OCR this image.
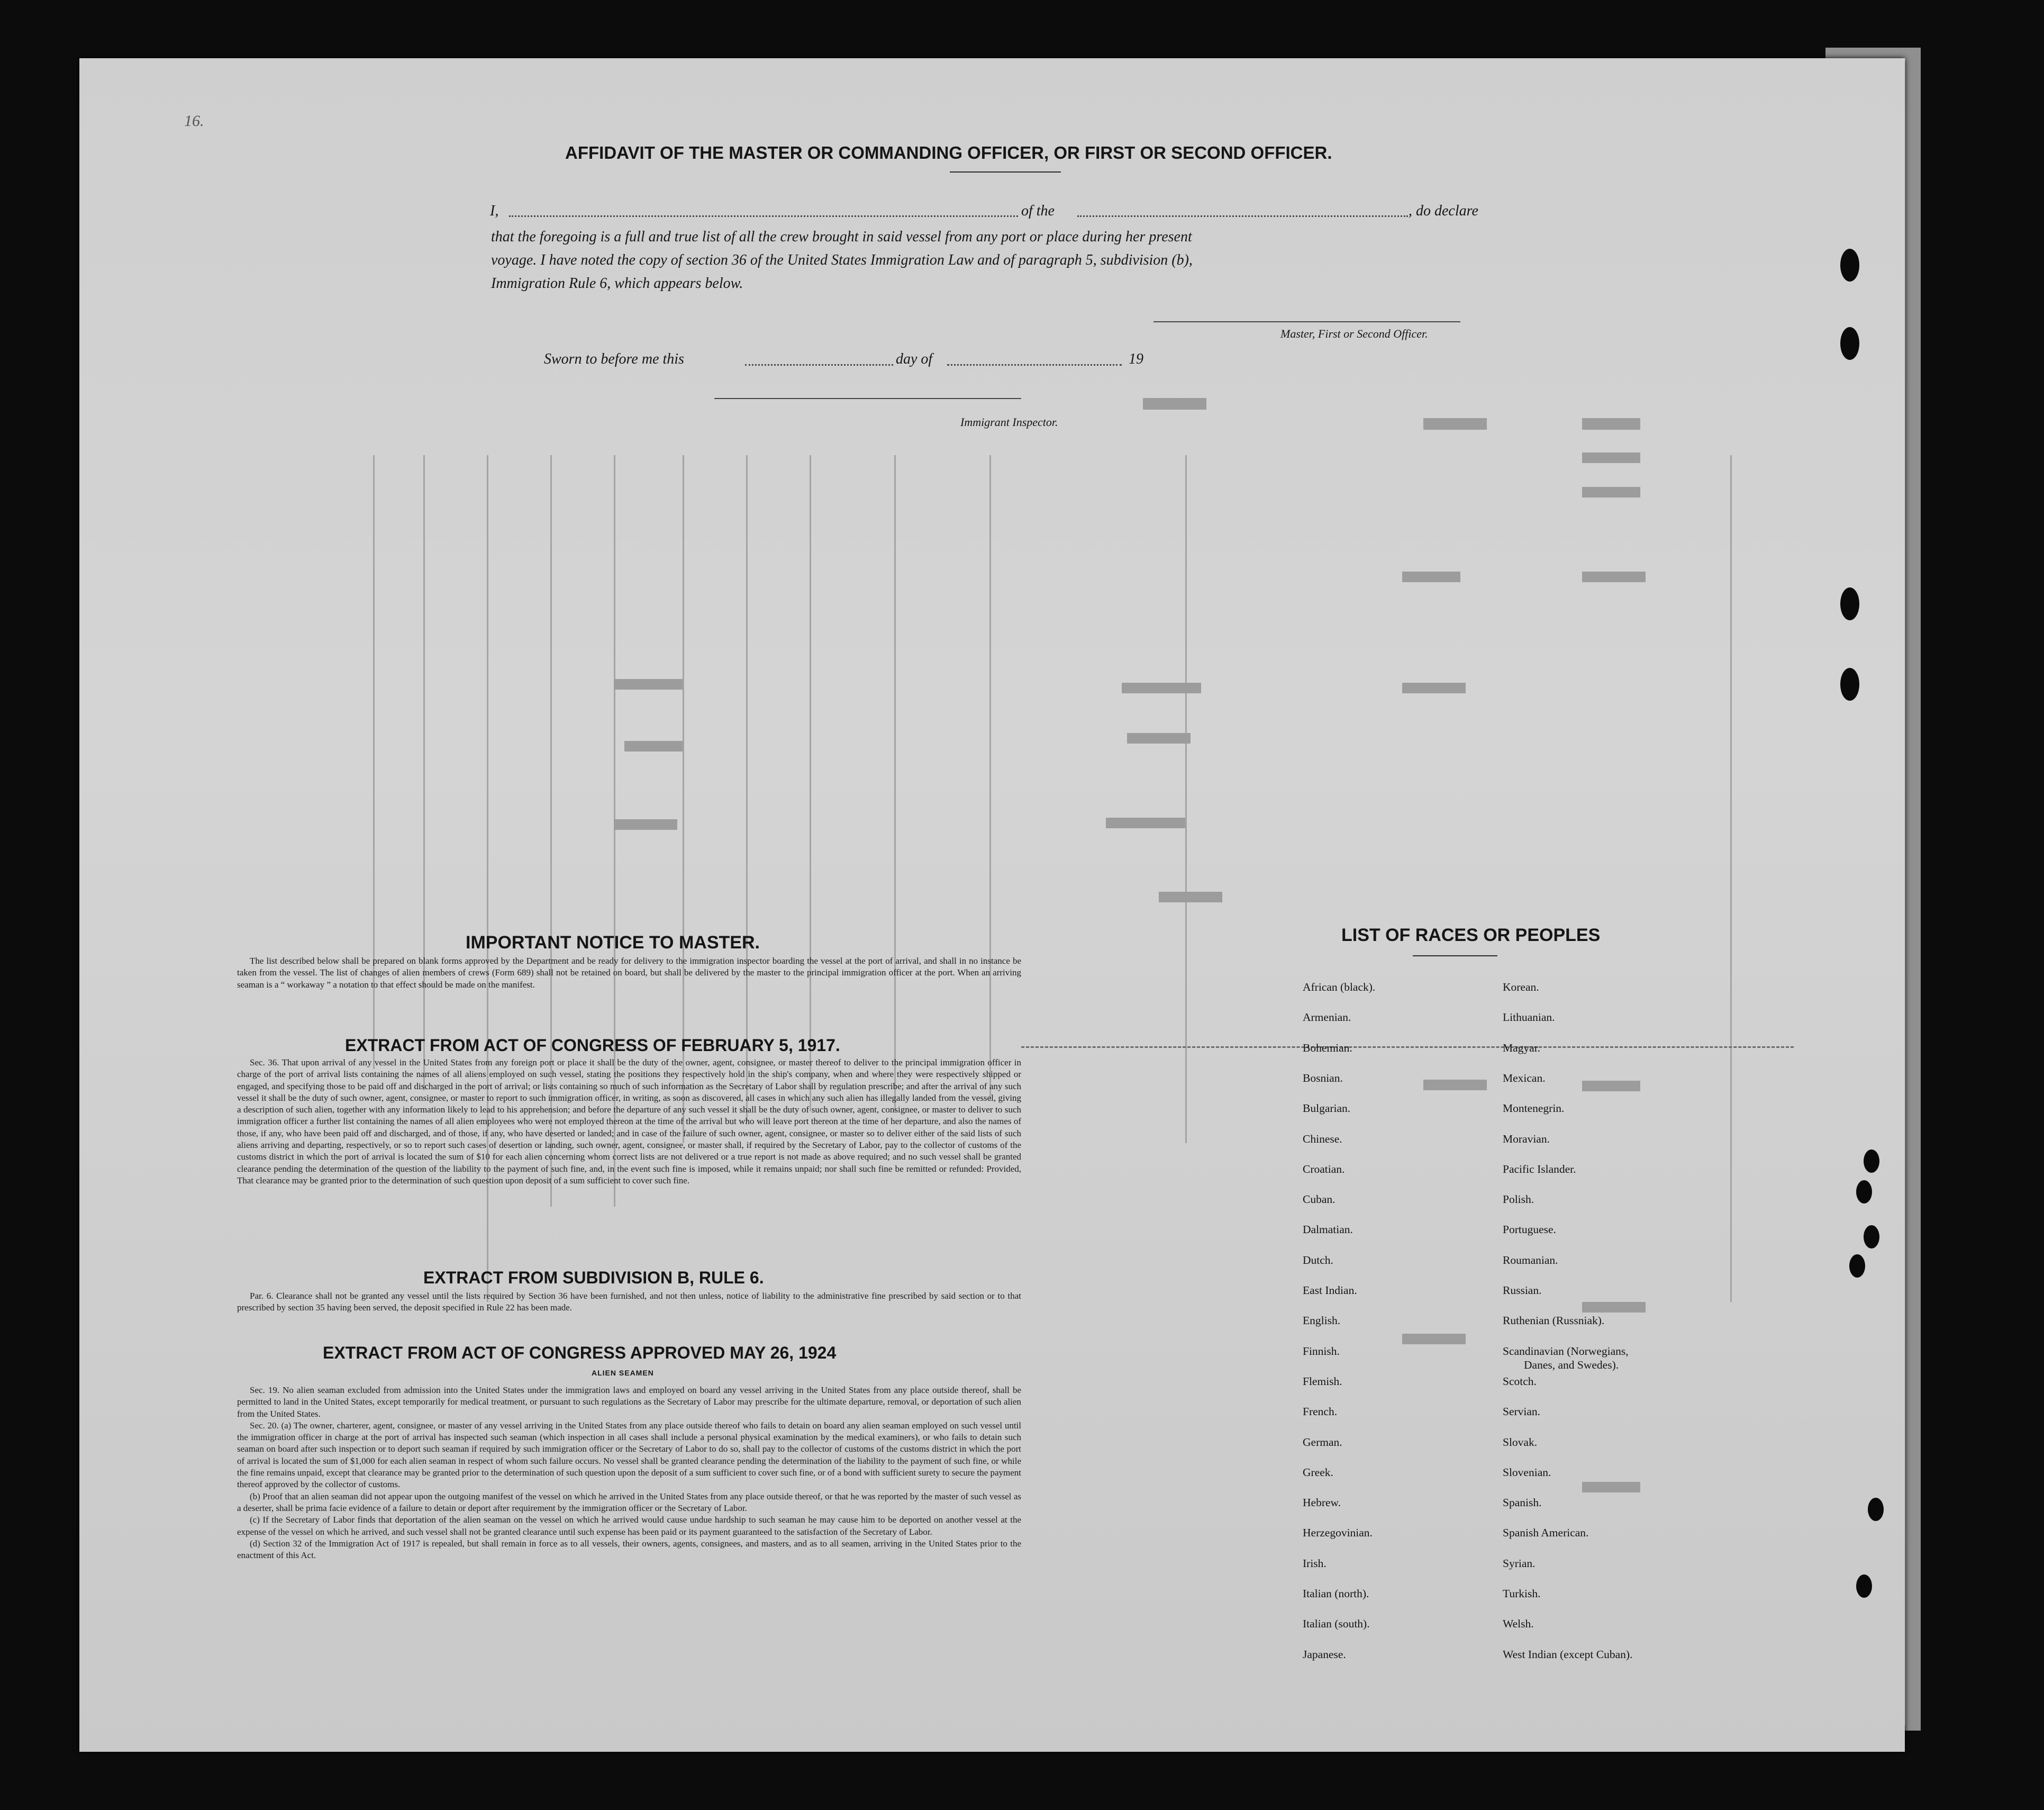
16.
AFFIDAVIT OF THE MASTER OR COMMANDING OFFICER, OR FIRST OR SECOND OFFICER.
I,	of the	, do declare
that the foregoing is a full and true list of all the crew brought in said vessel from any port or place during her present
voyage. I have noted the copy of section 36 of the United States Immigration Law and of paragraph 5, subdivision (b),
Immigration Rule 6, which appears below.
Master, First or Second Officer.
Sworn to before me this	day of	19
Immigrant Inspector.
IMPORTANT NOTICE TO MASTER.

The list described below shall be prepared on blank forms approved by the Department and be ready for delivery to the immigration inspector boarding the vessel at the port of arrival, and shall in no instance be taken from the vessel. The list of changes of alien members of crews (Form 689) shall not be retained on board, but shall be delivered by the master to the principal immigration officer at the port. When an arriving seaman is a “ workaway ” a notation to that effect should be made on the manifest.

EXTRACT FROM ACT OF CONGRESS OF FEBRUARY 5, 1917.

Sec. 36. That upon arrival of any vessel in the United States from any foreign port or place it shall be the duty of the owner, agent, consignee, or master thereof to deliver to the principal immigration officer in charge of the port of arrival lists containing the names of all aliens employed on such vessel, stating the positions they respectively hold in the ship's company, when and where they were respectively shipped or engaged, and specifying those to be paid off and discharged in the port of arrival; or lists containing so much of such information as the Secretary of Labor shall by regulation prescribe; and after the arrival of any such vessel it shall be the duty of such owner, agent, consignee, or master to report to such immigration officer, in writing, as soon as discovered, all cases in which any such alien has illegally landed from the vessel, giving a description of such alien, together with any information likely to lead to his apprehension; and before the departure of any such vessel it shall be the duty of such owner, agent, consignee, or master to deliver to such immigration officer a further list containing the names of all alien employees who were not employed thereon at the time of the arrival but who will leave port thereon at the time of her departure, and also the names of those, if any, who have been paid off and discharged, and of those, if any, who have deserted or landed; and in case of the failure of such owner, agent, consignee, or master so to deliver either of the said lists of such aliens arriving and departing, respectively, or so to report such cases of desertion or landing, such owner, agent, consignee, or master shall, if required by the Secretary of Labor, pay to the collector of customs of the customs district in which the port of arrival is located the sum of $10 for each alien concerning whom correct lists are not delivered or a true report is not made as above required; and no such vessel shall be granted clearance pending the determination of the question of the liability to the payment of such fine, and, in the event such fine is imposed, while it remains unpaid; nor shall such fine be remitted or refunded: Provided, That clearance may be granted prior to the determination of such question upon deposit of a sum sufficient to cover such fine.

EXTRACT FROM SUBDIVISION B, RULE 6.

Par. 6. Clearance shall not be granted any vessel until the lists required by Section 36 have been furnished, and not then unless, notice of liability to the administrative fine prescribed by said section or to that prescribed by section 35 having been served, the deposit specified in Rule 22 has been made.

EXTRACT FROM ACT OF CONGRESS APPROVED MAY 26, 1924
ALIEN SEAMEN

Sec. 19. No alien seaman excluded from admission into the United States under the immigration laws and employed on board any vessel arriving in the United States from any place outside thereof, shall be permitted to land in the United States, except temporarily for medical treatment, or pursuant to such regulations as the Secretary of Labor may prescribe for the ultimate departure, removal, or deportation of such alien from the United States.

Sec. 20. (a) The owner, charterer, agent, consignee, or master of any vessel arriving in the United States from any place outside thereof who fails to detain on board any alien seaman employed on such vessel until the immigration officer in charge at the port of arrival has inspected such seaman (which inspection in all cases shall include a personal physical examination by the medical examiners), or who fails to detain such seaman on board after such inspection or to deport such seaman if required by such immigration officer or the Secretary of Labor to do so, shall pay to the collector of customs of the customs district in which the port of arrival is located the sum of $1,000 for each alien seaman in respect of whom such failure occurs. No vessel shall be granted clearance pending the determination of the liability to the payment of such fine, or while the fine remains unpaid, except that clearance may be granted prior to the determination of such question upon the deposit of a sum sufficient to cover such fine, or of a bond with sufficient surety to secure the payment thereof approved by the collector of customs.

(b) Proof that an alien seaman did not appear upon the outgoing manifest of the vessel on which he arrived in the United States from any place outside thereof, or that he was reported by the master of such vessel as a deserter, shall be prima facie evidence of a failure to detain or deport after requirement by the immigration officer or the Secretary of Labor.

(c) If the Secretary of Labor finds that deportation of the alien seaman on the vessel on which he arrived would cause undue hardship to such seaman he may cause him to be deported on another vessel at the expense of the vessel on which he arrived, and such vessel shall not be granted clearance until such expense has been paid or its payment guaranteed to the satisfaction of the Secretary of Labor.

(d) Section 32 of the Immigration Act of 1917 is repealed, but shall remain in force as to all vessels, their owners, agents, consignees, and masters, and as to all seamen, arriving in the United States prior to the enactment of this Act.

LIST OF RACES OR PEOPLES
African (black).
Armenian.
Bohemian.
Bosnian.
Bulgarian.
Chinese.
Croatian.
Cuban.
Dalmatian.
Dutch.
East Indian.
English.
Finnish.
Flemish.
French.
German.
Greek.
Hebrew.
Herzegovinian.
Irish.
Italian (north).
Italian (south).
Japanese.
Korean.
Lithuanian.
Magyar.
Mexican.
Montenegrin.
Moravian.
Pacific Islander.
Polish.
Portuguese.
Roumanian.
Russian.
Ruthenian (Russniak).
Scandinavian (Norwegians,
Danes, and Swedes).
Scotch.
Servian.
Slovak.
Slovenian.
Spanish.
Spanish American.
Syrian.
Turkish.
Welsh.
West Indian (except Cuban).
